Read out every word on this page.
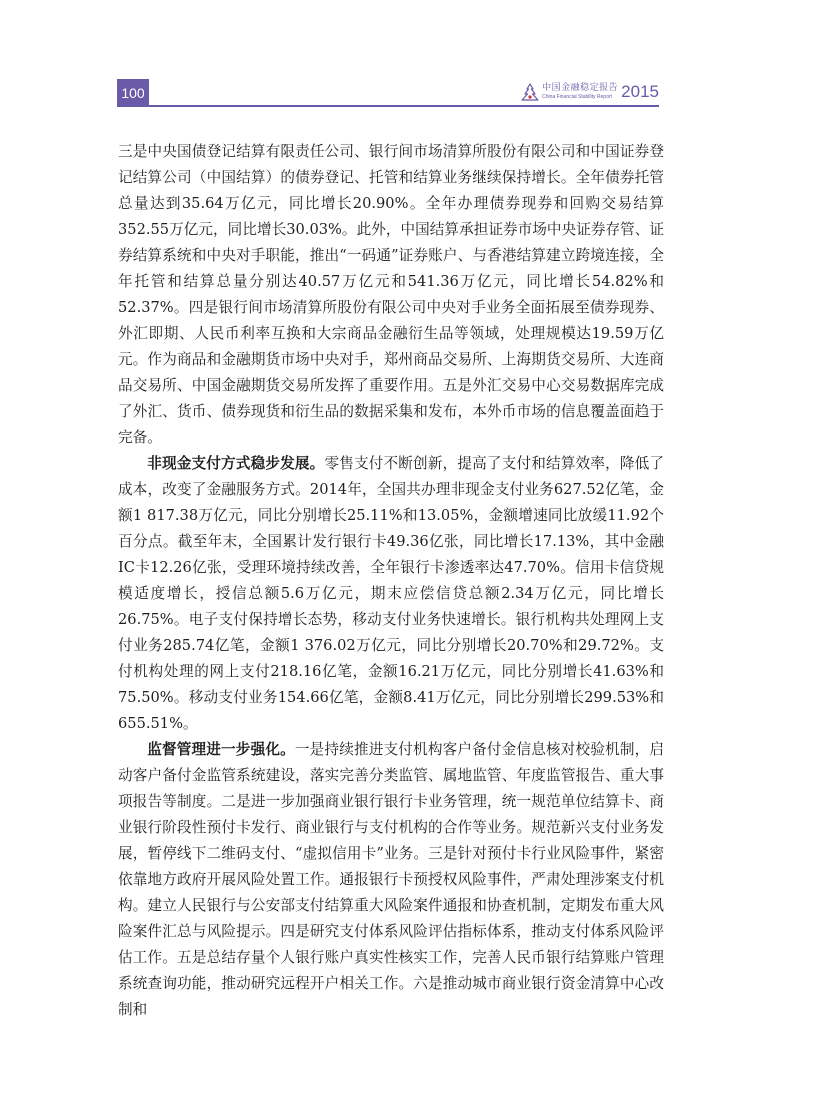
100	中国金融稳定报告
China Financial Stability Report 2015

三是中央国债登记结算有限责任公司、银行间市场清算所股份有限公司和中国证券登记结算公司（中国结算）的债券登记、托管和结算业务继续保持增长。全年债券托管总量达到35.64万亿元，同比增长20.90%。全年办理债券现券和回购交易结算352.55万亿元，同比增长30.03%。此外，中国结算承担证券市场中央证券存管、证券结算系统和中央对手职能，推出“一码通”证券账户、与香港结算建立跨境连接，全年托管和结算总量分别达40.57万亿元和541.36万亿元，同比增长54.82%和52.37%。四是银行间市场清算所股份有限公司中央对手业务全面拓展至债券现券、外汇即期、人民币利率互换和大宗商品金融衍生品等领域，处理规模达19.59万亿元。作为商品和金融期货市场中央对手，郑州商品交易所、上海期货交易所、大连商品交易所、中国金融期货交易所发挥了重要作用。五是外汇交易中心交易数据库完成了外汇、货币、债券现货和衍生品的数据采集和发布，本外币市场的信息覆盖面趋于完备。

非现金支付方式稳步发展。零售支付不断创新，提高了支付和结算效率，降低了成本，改变了金融服务方式。2014年，全国共办理非现金支付业务627.52亿笔，金额1 817.38万亿元，同比分别增长25.11%和13.05%，金额增速同比放缓11.92个百分点。截至年末，全国累计发行银行卡49.36亿张，同比增长17.13%，其中金融IC卡12.26亿张，受理环境持续改善，全年银行卡渗透率达47.70%。信用卡信贷规模适度增长，授信总额5.6万亿元，期末应偿信贷总额2.34万亿元，同比增长26.75%。电子支付保持增长态势，移动支付业务快速增长。银行机构共处理网上支付业务285.74亿笔，金额1 376.02万亿元，同比分别增长20.70%和29.72%。支付机构处理的网上支付218.16亿笔，金额16.21万亿元，同比分别增长41.63%和75.50%。移动支付业务154.66亿笔，金额8.41万亿元，同比分别增长299.53%和655.51%。

监督管理进一步强化。一是持续推进支付机构客户备付金信息核对校验机制，启动客户备付金监管系统建设，落实完善分类监管、属地监管、年度监管报告、重大事项报告等制度。二是进一步加强商业银行银行卡业务管理，统一规范单位结算卡、商业银行阶段性预付卡发行、商业银行与支付机构的合作等业务。规范新兴支付业务发展，暂停线下二维码支付、“虚拟信用卡”业务。三是针对预付卡行业风险事件，紧密依靠地方政府开展风险处置工作。通报银行卡预授权风险事件，严肃处理涉案支付机构。建立人民银行与公安部支付结算重大风险案件通报和协查机制，定期发布重大风险案件汇总与风险提示。四是研究支付体系风险评估指标体系，推动支付体系风险评估工作。五是总结存量个人银行账户真实性核实工作，完善人民币银行结算账户管理系统查询功能，推动研究远程开户相关工作。六是推动城市商业银行资金清算中心改制和
